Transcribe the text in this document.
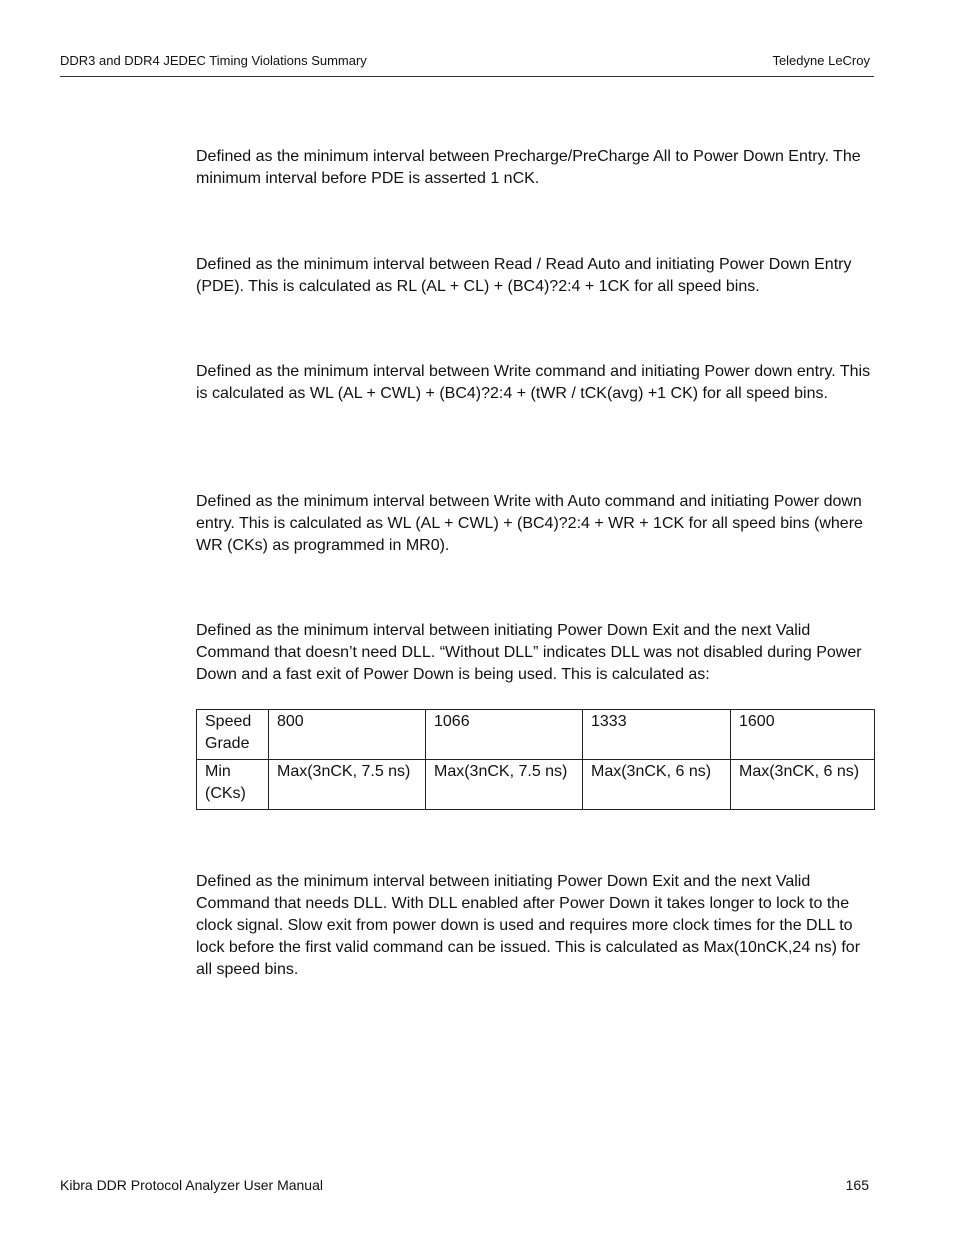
DDR3 and DDR4 JEDEC Timing Violations Summary	Teledyne LeCroy

Defined as the minimum interval between Precharge/PreCharge All to Power Down Entry. The minimum interval before PDE is asserted 1 nCK.

Defined as the minimum interval between Read / Read Auto and initiating Power Down Entry (PDE). This is calculated as RL (AL + CL) + (BC4)?2:4 + 1CK for all speed bins.

Defined as the minimum interval between Write command and initiating Power down entry. This is calculated as WL (AL + CWL) + (BC4)?2:4 + (tWR / tCK(avg) +1 CK) for all speed bins.

Defined as the minimum interval between Write with Auto command and initiating Power down entry. This is calculated as WL (AL + CWL) + (BC4)?2:4 + WR + 1CK for all speed bins (where WR (CKs) as programmed in MR0).

Defined as the minimum interval between initiating Power Down Exit and the next Valid Command that doesn’t need DLL. “Without DLL” indicates DLL was not disabled during Power Down and a fast exit of Power Down is being used. This is calculated as:

Speed Grade	800	1066	1333	1600
Min (CKs)	Max(3nCK, 7.5 ns)	Max(3nCK, 7.5 ns)	Max(3nCK, 6 ns)	Max(3nCK, 6 ns)

Defined as the minimum interval between initiating Power Down Exit and the next Valid Command that needs DLL. With DLL enabled after Power Down it takes longer to lock to the clock signal. Slow exit from power down is used and requires more clock times for the DLL to lock before the first valid command can be issued. This is calculated as Max(10nCK,24 ns) for all speed bins.

Kibra DDR Protocol Analyzer User Manual	165
